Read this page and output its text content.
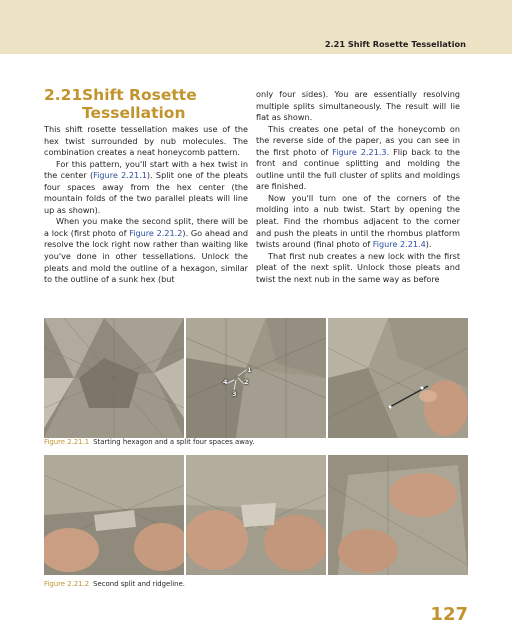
2.21 Shift Rosette Tessellation
2.21Shift Rosette
Tessellation

This shift rosette tessellation makes use of the hex twist surrounded by nub molecules. The combination creates a neat honeycomb pattern.

For this pattern, you'll start with a hex twist in the center (Figure 2.21.1). Split one of the pleats four spaces away from the hex center (the mountain folds of the two parallel pleats will line up as shown).

When you make the second split, there will be a lock (first photo of Figure 2.21.2). Go ahead and resolve the lock right now rather than waiting like you've done in other tessellations. Unlock the pleats and mold the outline of a hexagon, similar to the outline of a sunk hex (but

only four sides). You are essentially resolving multiple splits simultaneously. The result will lie flat as shown.

This creates one petal of the honeycomb on the reverse side of the paper, as you can see in the first photo of Figure 2.21.3. Flip back to the front and continue splitting and molding the outline until the full cluster of splits and moldings are finished.

Now you'll turn one of the corners of the molding into a nub twist. Start by opening the pleat. Find the rhombus adjacent to the corner and push the pleats in until the rhombus platform twists around (final photo of Figure 2.21.4).

That first nub creates a new lock with the first pleat of the next split. Unlock those pleats and twist the next nub in the same way as before

1
2
3
4
Figure 2.21.1 Starting hexagon and a split four spaces away.
Figure 2.21.2 Second split and ridgeline.
127
